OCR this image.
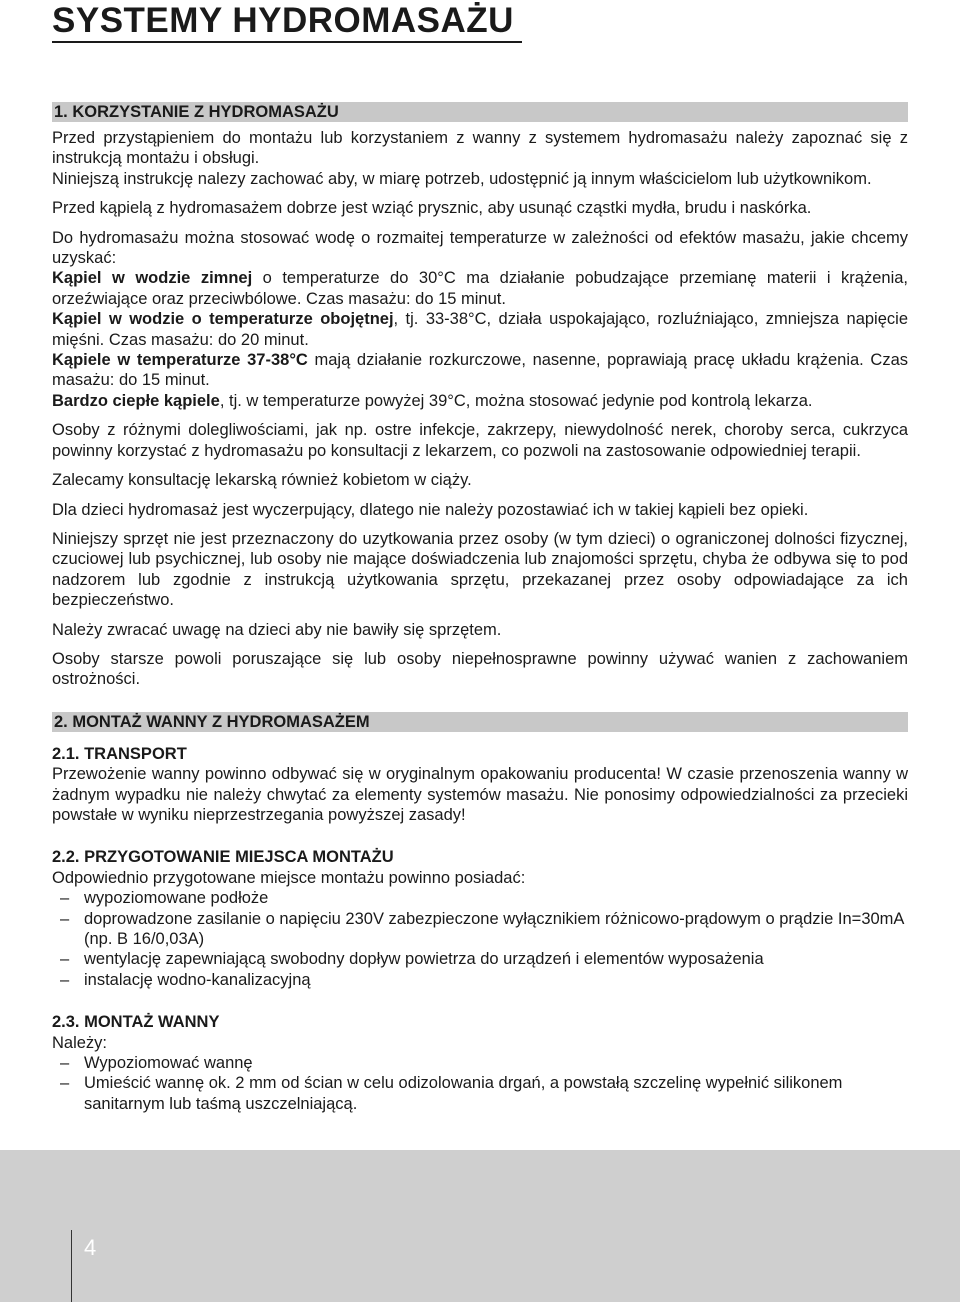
SYSTEMY HYDROMASAŻU
1. KORZYSTANIE Z HYDROMASAŻU

Przed przystąpieniem do montażu lub korzystaniem z wanny z systemem hydromasażu należy zapoznać się z instrukcją montażu i obsługi.

Niniejszą instrukcję nalezy zachować aby, w miarę potrzeb, udostępnić ją innym właścicielom lub użytkownikom.

Przed kąpielą z hydromasażem dobrze jest wziąć prysznic, aby usunąć cząstki mydła, brudu i naskórka.

Do hydromasażu można stosować wodę o rozmaitej temperaturze w zależności od efektów masażu, jakie chcemy uzyskać:

Kąpiel w wodzie zimnej o temperaturze do 30°C ma działanie pobudzające przemianę materii i krążenia, orzeźwiające oraz przeciwbólowe. Czas masażu: do 15 minut.

Kąpiel w wodzie o temperaturze obojętnej, tj. 33-38°C, działa uspokajająco, rozluźniająco, zmniejsza napięcie mięśni. Czas masażu: do 20 minut.

Kąpiele w temperaturze 37-38°C mają działanie rozkurczowe, nasenne, poprawiają pracę układu krążenia. Czas masażu: do 15 minut.

Bardzo ciepłe kąpiele, tj. w temperaturze powyżej 39°C, można stosować jedynie pod kontrolą lekarza.

Osoby z różnymi dolegliwościami, jak np. ostre infekcje, zakrzepy, niewydolność nerek, choroby serca, cukrzyca powinny korzystać z hydromasażu po konsultacji z lekarzem, co pozwoli na zastosowanie odpowiedniej terapii.

Zalecamy konsultację lekarską również kobietom w ciąży.

Dla dzieci hydromasaż jest wyczerpujący, dlatego nie należy pozostawiać ich w takiej kąpieli bez opieki.

Niniejszy sprzęt nie jest przeznaczony do uzytkowania przez osoby (w tym dzieci) o ograniczonej dolności fizycznej, czuciowej lub psychicznej, lub osoby nie mające doświadczenia lub znajomości sprzętu, chyba że odbywa się to pod nadzorem lub zgodnie z instrukcją użytkowania sprzętu, przekazanej przez osoby odpowiadające za ich bezpieczeństwo.

Należy zwracać uwagę na dzieci aby nie bawiły się sprzętem.

Osoby starsze powoli poruszające się lub osoby niepełnosprawne powinny używać wanien z zachowaniem ostrożności.

2. MONTAŻ WANNY Z HYDROMASAŻEM
2.1. TRANSPORT

Przewożenie wanny powinno odbywać się w oryginalnym opakowaniu producenta! W czasie przenoszenia wanny w żadnym wypadku nie należy chwytać za elementy systemów masażu. Nie ponosimy odpowiedzialności za przecieki powstałe w wyniku nieprzestrzegania powyższej zasady!

2.2. PRZYGOTOWANIE MIEJSCA MONTAŻU

Odpowiednio przygotowane miejsce montażu powinno posiadać:

– wypoziomowane podłoże
– doprowadzone zasilanie o napięciu 230V zabezpieczone wyłącznikiem różnicowo-prądowym o prądzie In=30mA (np. B 16/0,03A)
– wentylację zapewniającą swobodny dopływ powietrza do urządzeń i elementów wyposażenia
– instalację wodno-kanalizacyjną
2.3. MONTAŻ WANNY

Należy:

– Wypoziomować wannę
– Umieścić wannę ok. 2 mm od ścian w celu odizolowania drgań, a powstałą szczelinę wypełnić silikonem sanitarnym lub taśmą uszczelniającą.
4
